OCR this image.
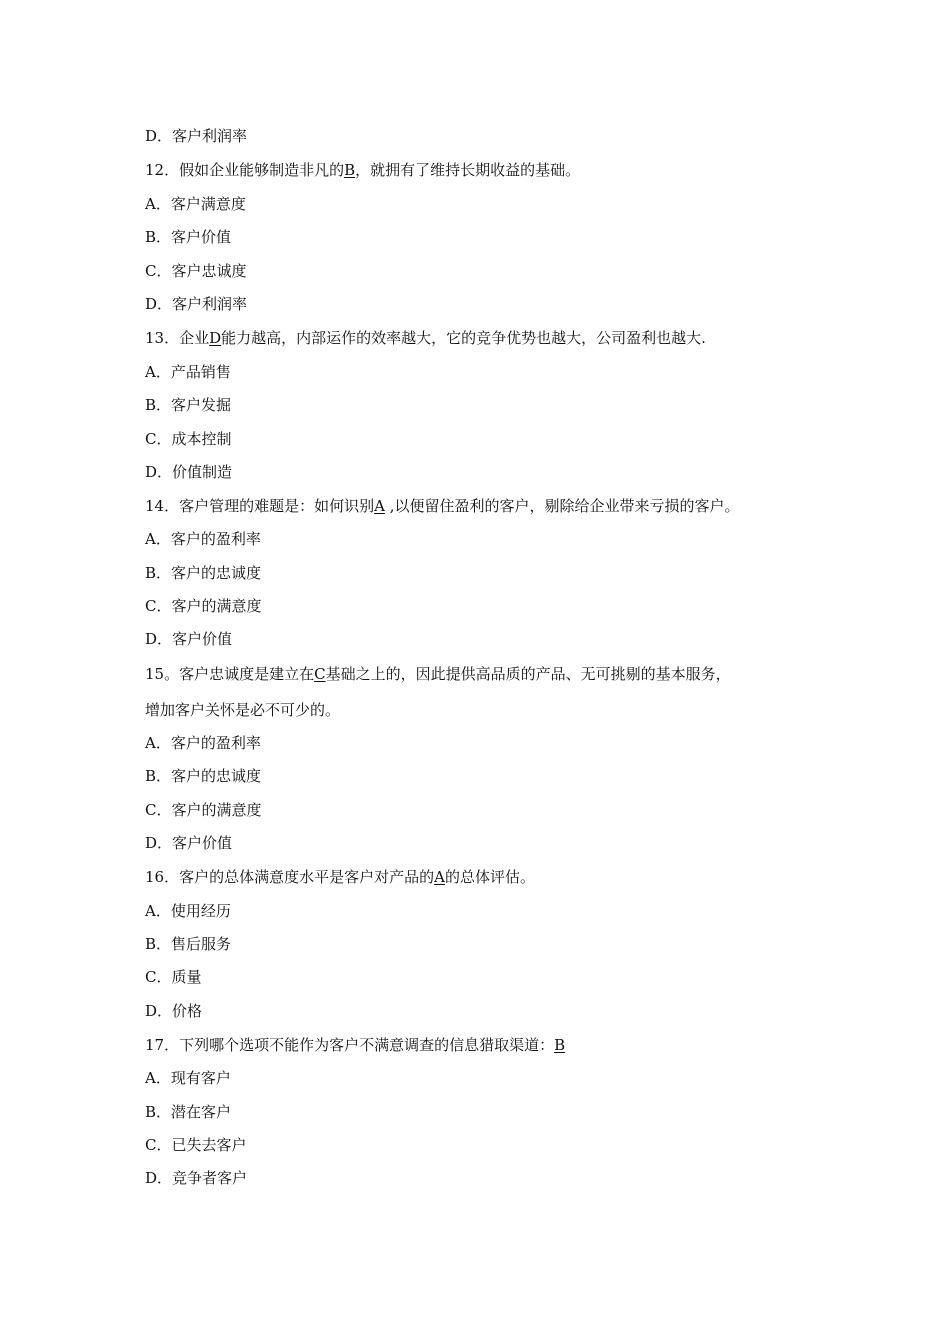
D．客户利润率
12．假如企业能够制造非凡的B，就拥有了维持长期收益的基础。
A．客户满意度
B．客户价值
C．客户忠诚度
D．客户利润率
13．企业D能力越高，内部运作的效率越大，它的竞争优势也越大，公司盈利也越大.
A．产品销售
B．客户发掘
C．成本控制
D．价值制造
14．客户管理的难题是：如何识别A ,以便留住盈利的客户，剔除给企业带来亏损的客户。
A．客户的盈利率
B．客户的忠诚度
C．客户的满意度
D．客户价值
15。客户忠诚度是建立在C基础之上的，因此提供高品质的产品、无可挑剔的基本服务，
增加客户关怀是必不可少的。
A．客户的盈利率
B．客户的忠诚度
C．客户的满意度
D．客户价值
16．客户的总体满意度水平是客户对产品的A的总体评估。
A．使用经历
B．售后服务
C．质量
D．价格
17．下列哪个选项不能作为客户不满意调查的信息猎取渠道：B
A．现有客户
B．潜在客户
C．已失去客户
D．竞争者客户
